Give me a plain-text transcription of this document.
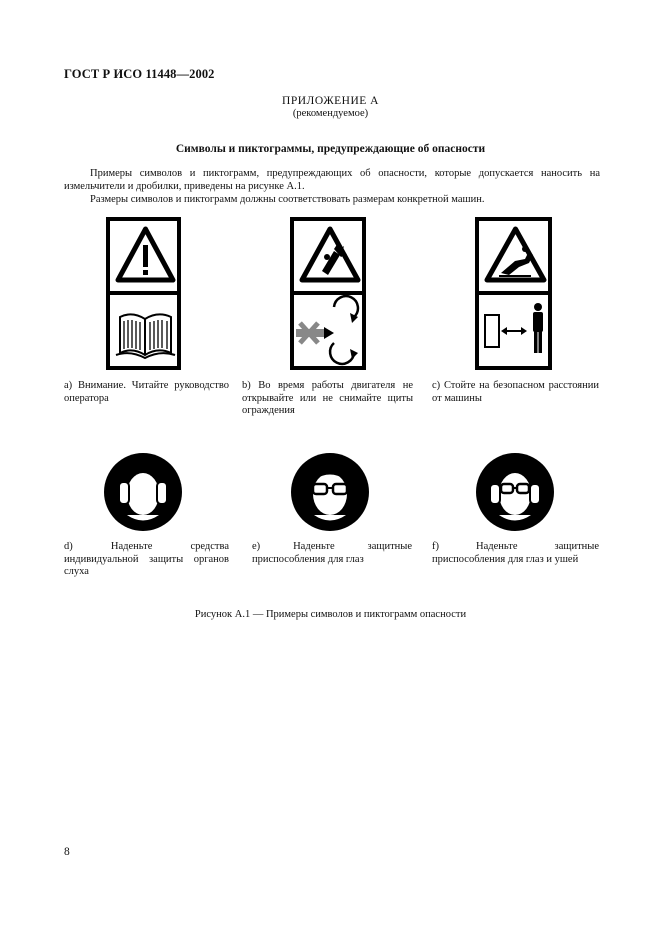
ГОСТ Р ИСО 11448—2002
ПРИЛОЖЕНИЕ А
(рекомендуемое)
Символы и пиктограммы, предупреждающие об опасности
Примеры символов и пиктограмм, предупреждающих об опасности, которые допускается наносить на измельчители и дробилки, приведены на рисунке А.1.
Размеры символов и пиктограмм должны соответствовать размерам конкретной машин.
а) Внимание. Читайте руководство оператора
b) Во время работы двигателя не открывайте или не снимайте щиты ограждения
с) Стойте на безопасном расстоянии от машины
d) Наденьте средства индивидуальной защиты органов слуха
е) Наденьте защитные приспособления для глаз
f) Наденьте защитные приспособления для глаз и ушей
Рисунок А.1 — Примеры символов и пиктограмм опасности
8
